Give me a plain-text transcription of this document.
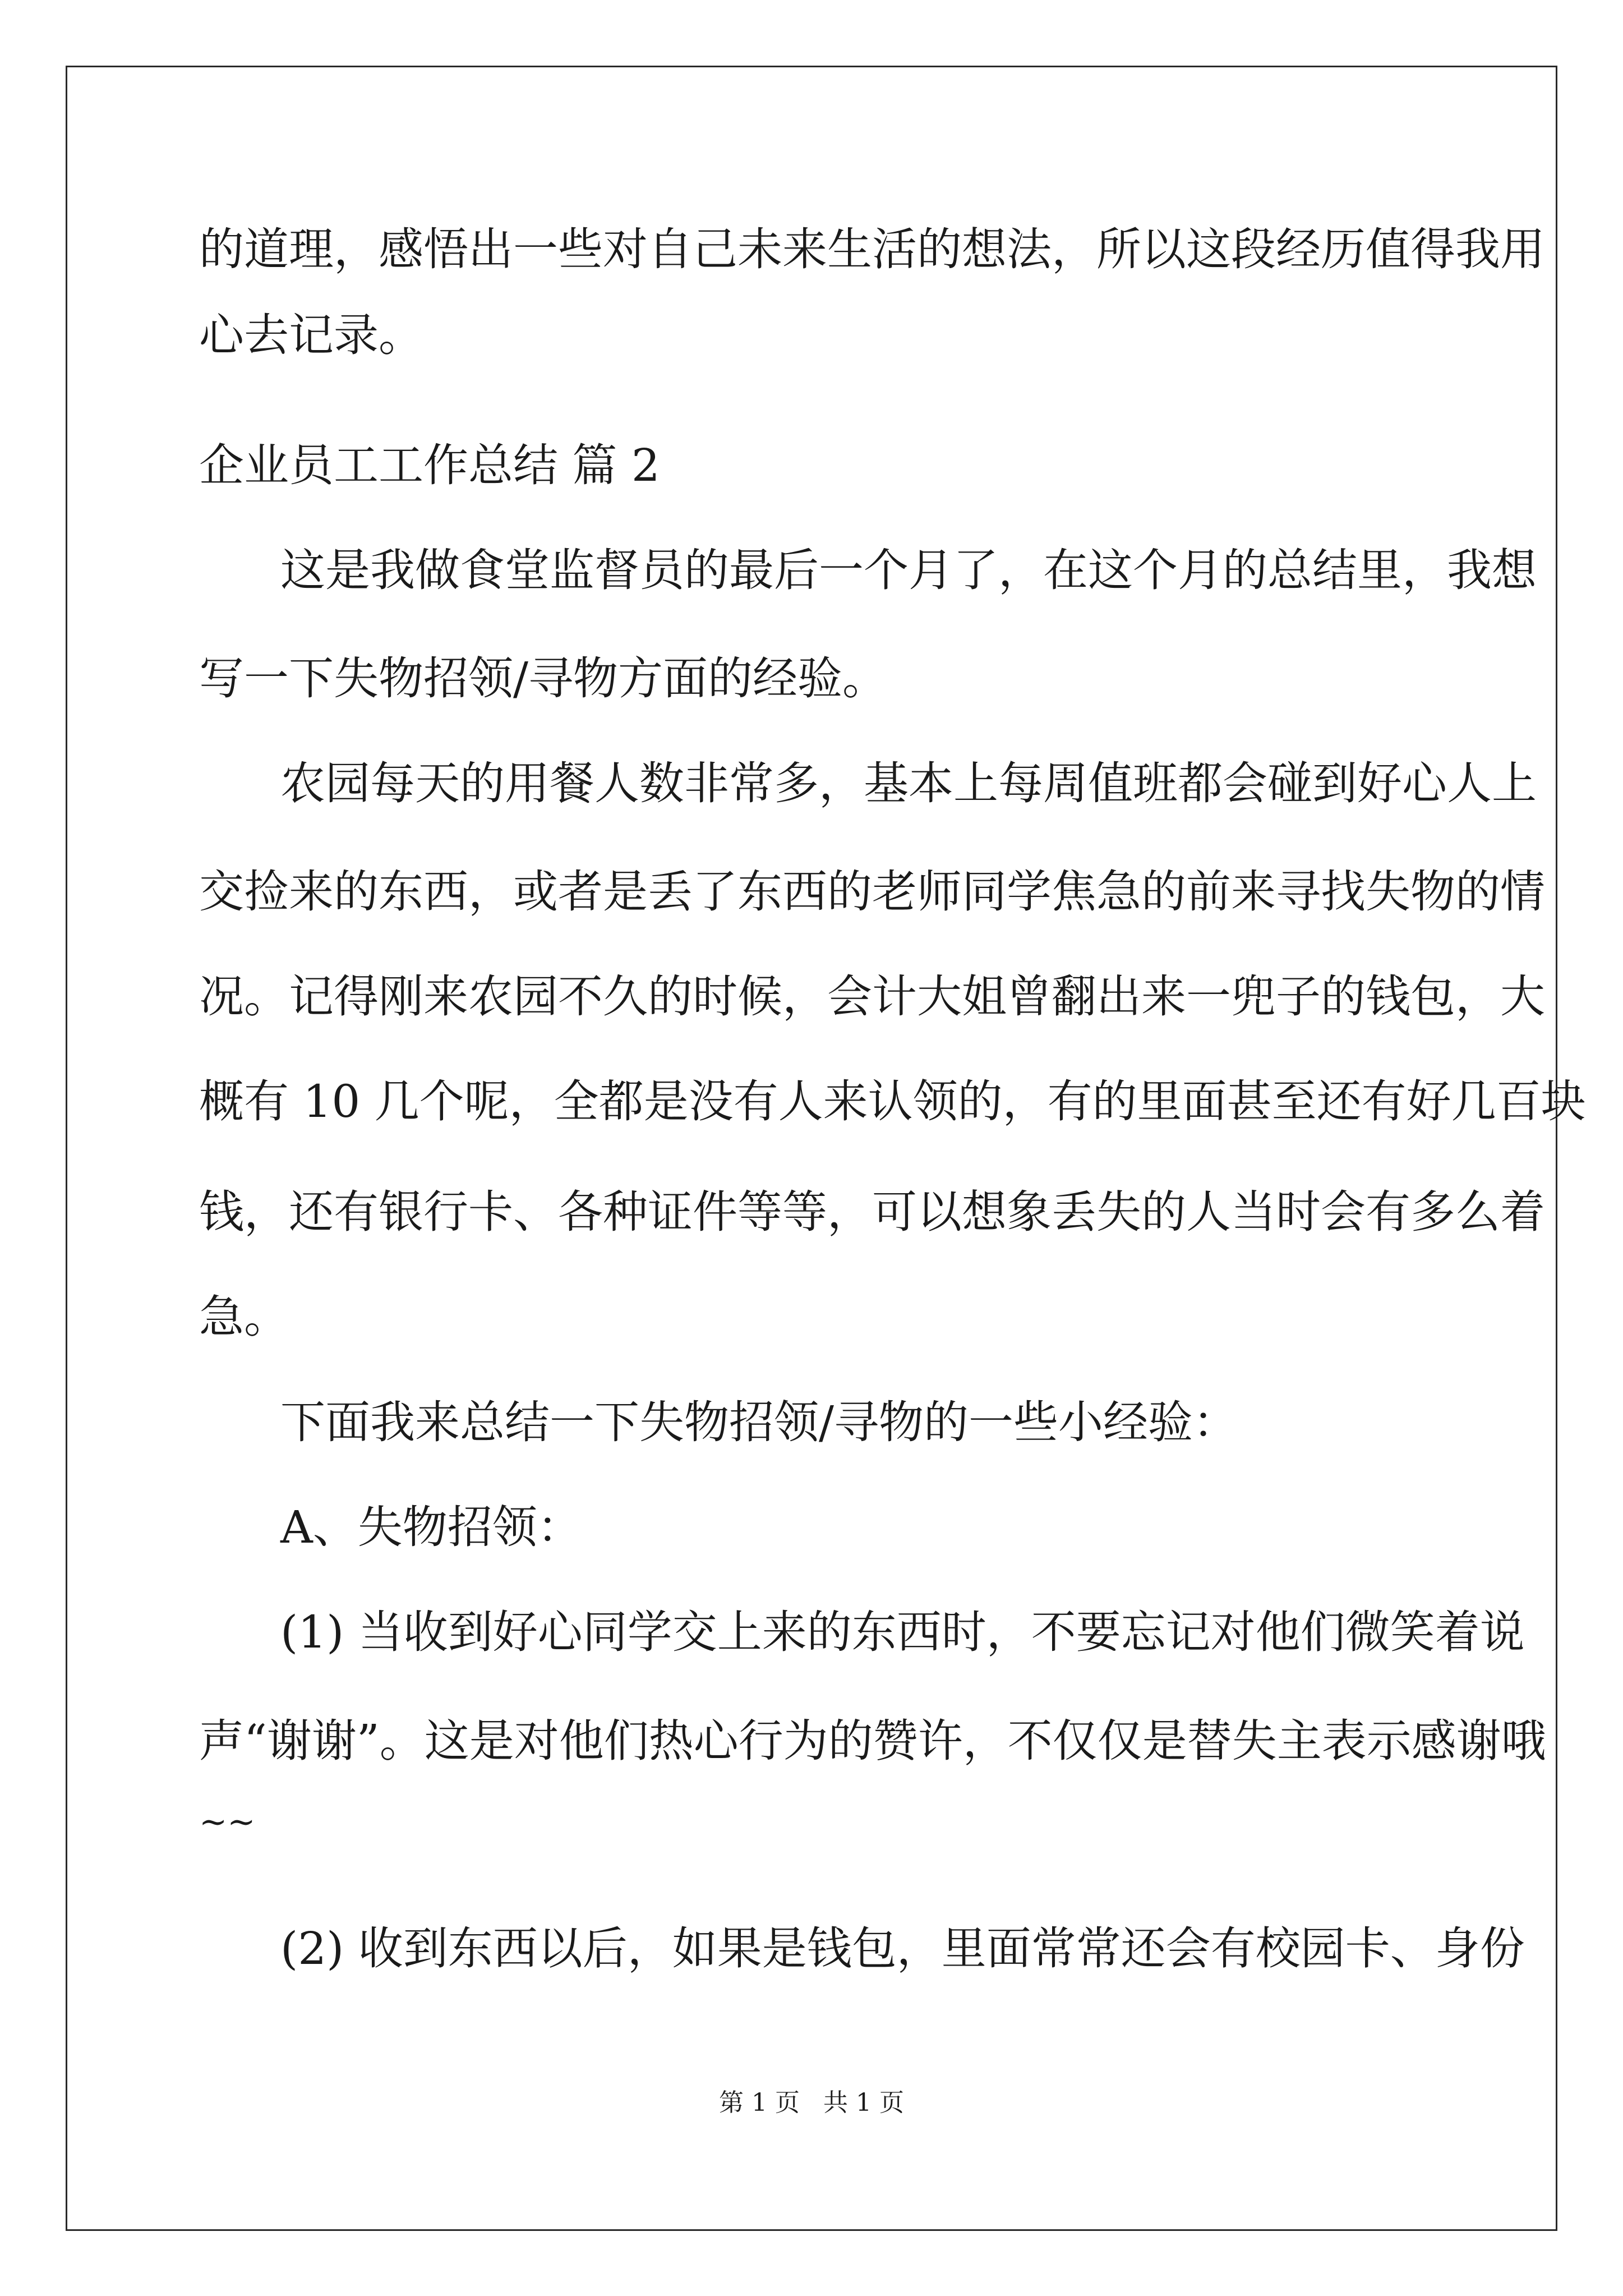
的道理，感悟出一些对自己未来生活的想法，所以这段经历值得我用

心去记录。

企业员工工作总结 篇 2

这是我做食堂监督员的最后一个月了，在这个月的总结里，我想

写一下失物招领/寻物方面的经验。

农园每天的用餐人数非常多，基本上每周值班都会碰到好心人上

交捡来的东西，或者是丢了东西的老师同学焦急的前来寻找失物的情

况。记得刚来农园不久的时候，会计大姐曾翻出来一兜子的钱包，大

概有 10 几个呢，全都是没有人来认领的，有的里面甚至还有好几百块

钱，还有银行卡、各种证件等等，可以想象丢失的人当时会有多么着

急。

下面我来总结一下失物招领/寻物的一些小经验：

A、失物招领：

(1) 当收到好心同学交上来的东西时，不要忘记对他们微笑着说

声“谢谢”。这是对他们热心行为的赞许，不仅仅是替失主表示感谢哦

~~

(2) 收到东西以后，如果是钱包，里面常常还会有校园卡、身份

第 1 页   共 1 页
